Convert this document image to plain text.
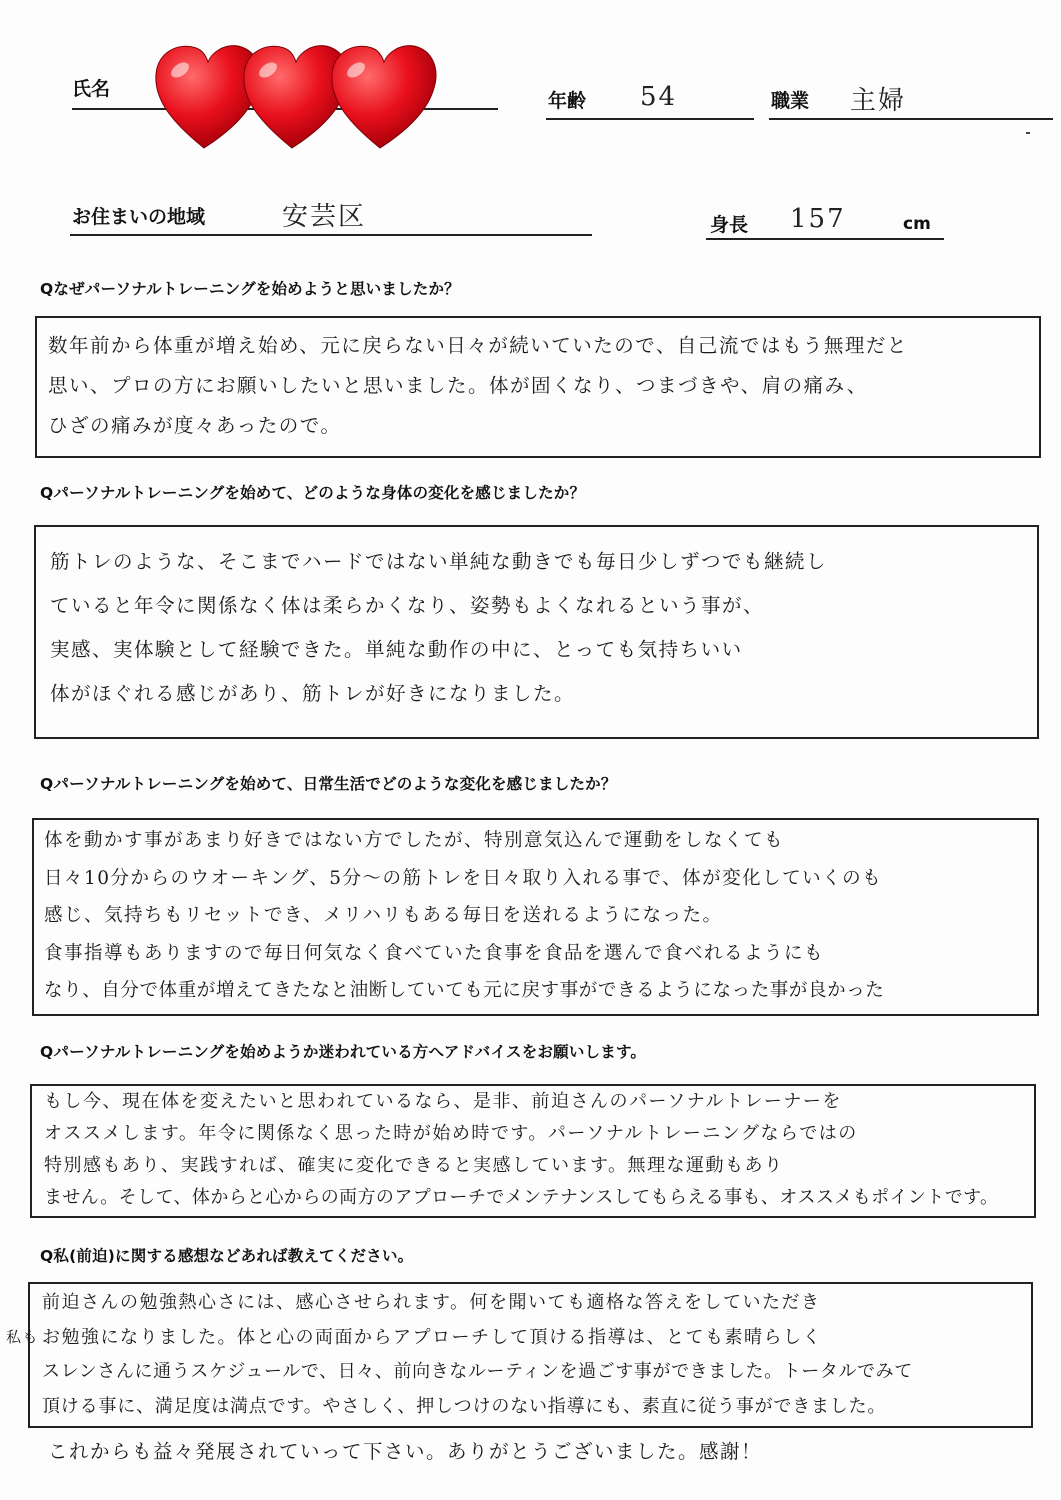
氏名
年齢 54	職業 主婦
お住まいの地域	安芸区	身長 157	cm
Qなぜパーソナルトレーニングを始めようと思いましたか？
数年前から体重が増え始め、元に戻らない日々が続いていたので、自己流ではもう無理だと
思い、プロの方にお願いしたいと思いました。体が固くなり、つまづきや、肩の痛み、
ひざの痛みが度々あったので。
Qパーソナルトレーニングを始めて、どのような身体の変化を感じましたか？
筋トレのような、そこまでハードではない単純な動きでも毎日少しずつでも継続し
ていると年令に関係なく体は柔らかくなり、姿勢もよくなれるという事が、
実感、実体験として経験できた。単純な動作の中に、とっても気持ちいい
体がほぐれる感じがあり、筋トレが好きになりました。
Qパーソナルトレーニングを始めて、日常生活でどのような変化を感じましたか？
体を動かす事があまり好きではない方でしたが、特別意気込んで運動をしなくても
日々10分からのウオーキング、5分〜の筋トレを日々取り入れる事で、体が変化していくのも
感じ、気持ちもリセットでき、メリハリもある毎日を送れるようになった。
食事指導もありますので毎日何気なく食べていた食事を食品を選んで食べれるようにも
なり、自分で体重が増えてきたなと油断していても元に戻す事ができるようになった事が良かった
Qパーソナルトレーニングを始めようか迷われている方へアドバイスをお願いします。
もし今、現在体を変えたいと思われているなら、是非、前迫さんのパーソナルトレーナーを
オススメします。年令に関係なく思った時が始め時です。パーソナルトレーニングならではの
特別感もあり、実践すれば、確実に変化できると実感しています。無理な運動もあり
ません。そして、体からと心からの両方のアプローチでメンテナンスしてもらえる事も、オススメもポイントです。
Q私(前迫)に関する感想などあれば教えてください。
私も
前迫さんの勉強熱心さには、感心させられます。何を聞いても適格な答えをしていただき
お勉強になりました。体と心の両面からアプローチして頂ける指導は、とても素晴らしく
スレンさんに通うスケジュールで、日々、前向きなルーティンを過ごす事ができました。トータルでみて
頂ける事に、満足度は満点です。やさしく、押しつけのない指導にも、素直に従う事ができました。
これからも益々発展されていって下さい。ありがとうございました。感謝！
